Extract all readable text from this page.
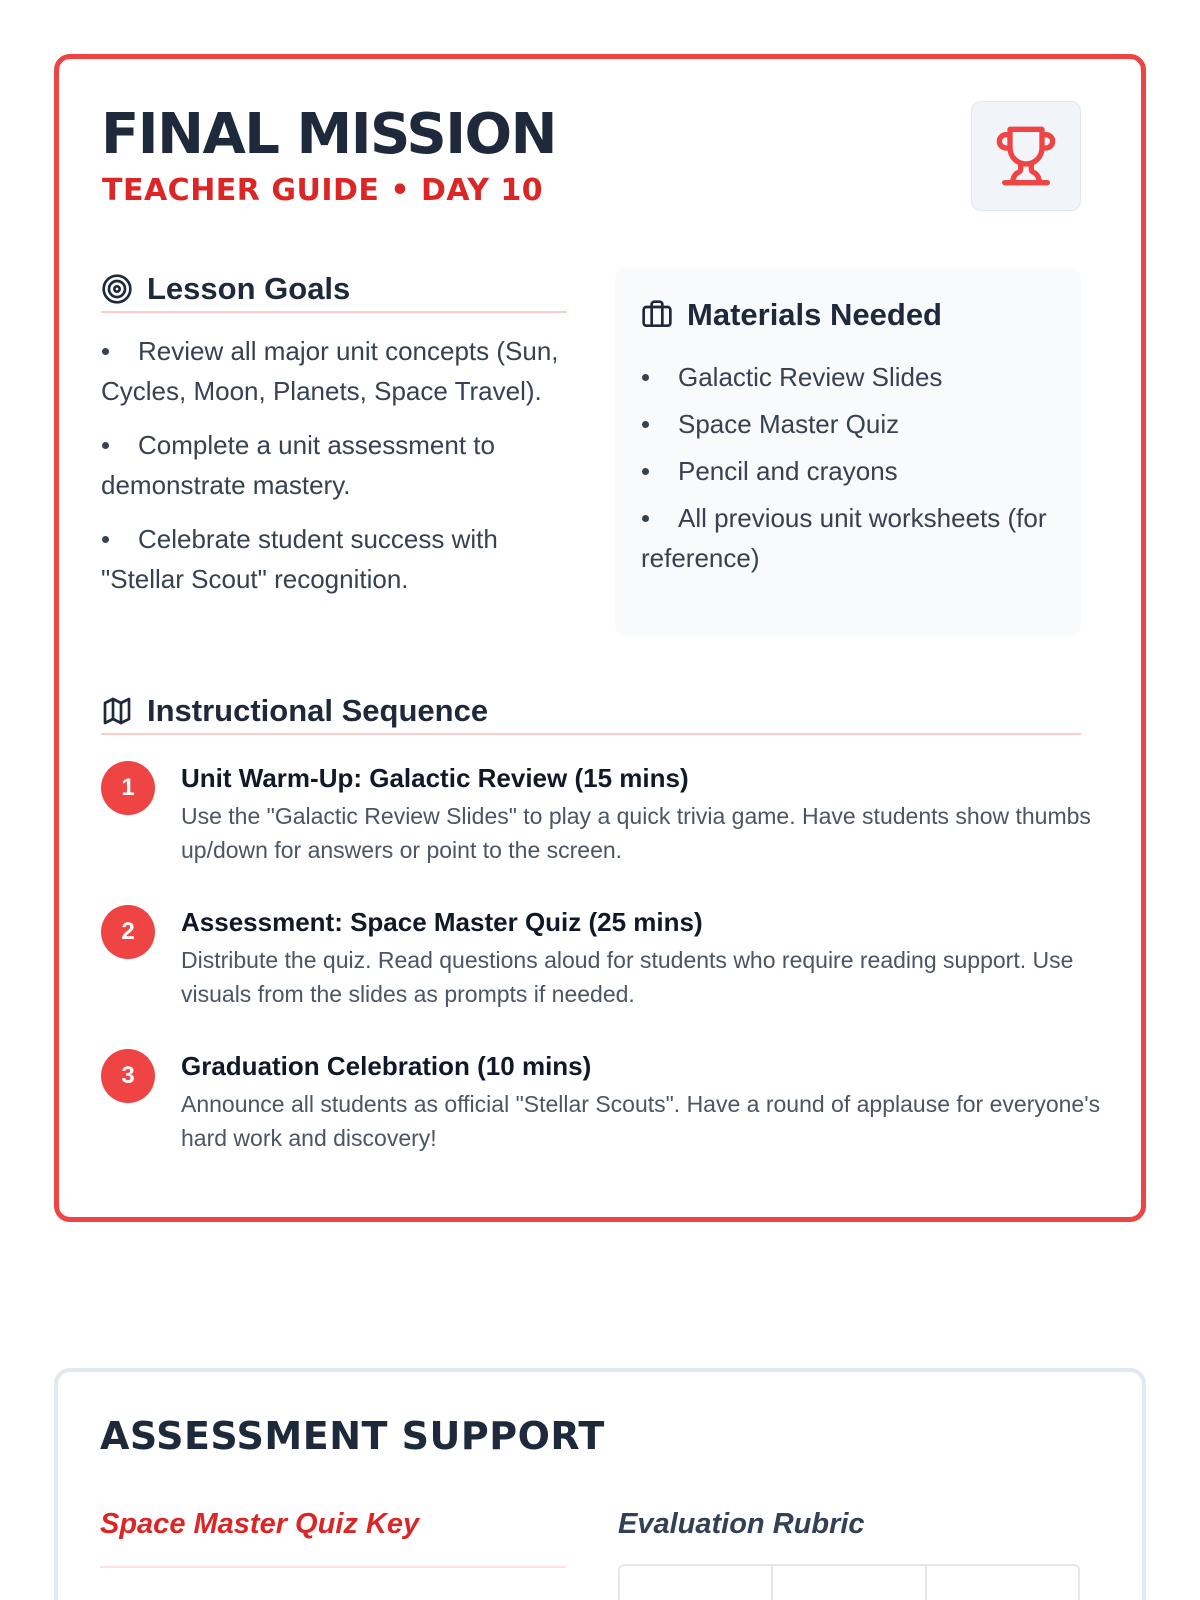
FINAL MISSION
TEACHER GUIDE • DAY 10
Lesson Goals
Review all major unit concepts (Sun, Cycles, Moon, Planets, Space Travel).
Complete a unit assessment to demonstrate mastery.
Celebrate student success with "Stellar Scout" recognition.
Materials Needed
Galactic Review Slides
Space Master Quiz
Pencil and crayons
All previous unit worksheets (for reference)
Instructional Sequence
1	Unit Warm-Up: Galactic Review (15 mins)
Use the "Galactic Review Slides" to play a quick trivia game. Have students show thumbs up/down for answers or point to the screen.
2	Assessment: Space Master Quiz (25 mins)
Distribute the quiz. Read questions aloud for students who require reading support. Use visuals from the slides as prompts if needed.
3	Graduation Celebration (10 mins)
Announce all students as official "Stellar Scouts". Have a round of applause for everyone's hard work and discovery!
ASSESSMENT SUPPORT
Space Master Quiz Key	Evaluation Rubric
